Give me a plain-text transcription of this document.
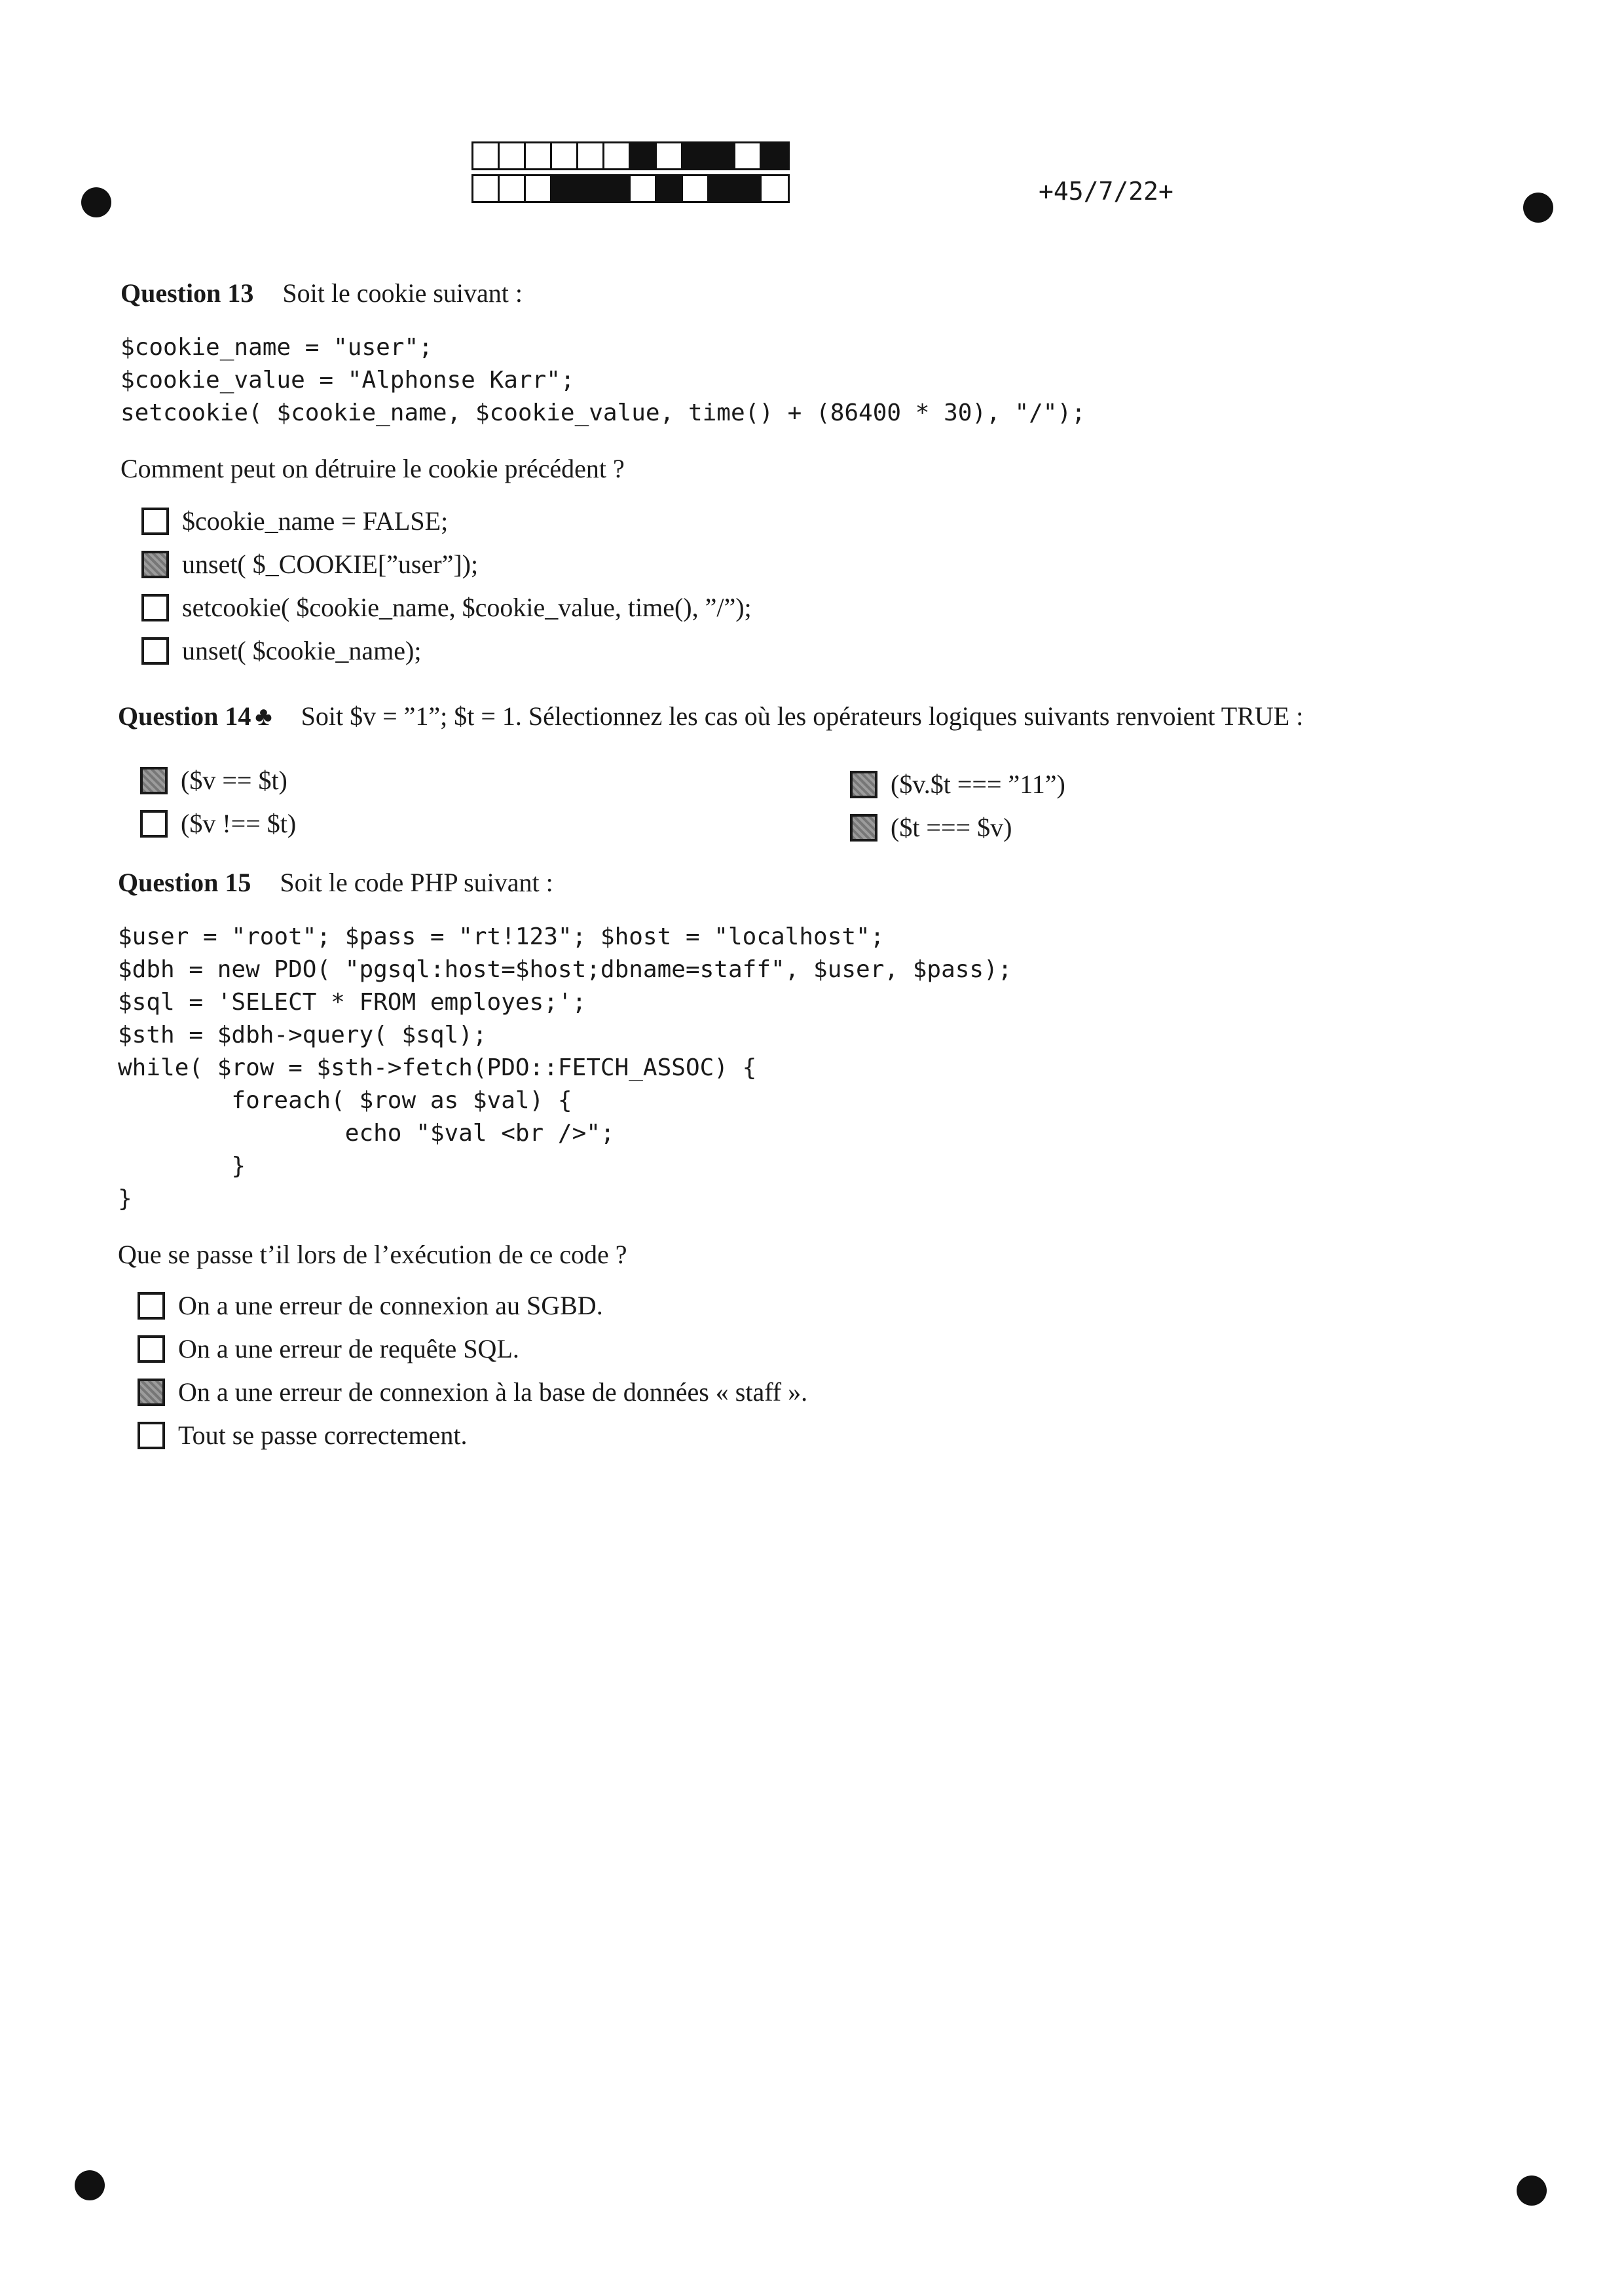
+45/7/22+
Question 13 Soit le cookie suivant :
$cookie_name = "user";
$cookie_value = "Alphonse Karr";
setcookie( $cookie_name, $cookie_value, time() + (86400 * 30), "/");
Comment peut on détruire le cookie précédent ?
$cookie_name = FALSE;
unset( $_COOKIE[”user”]);
setcookie( $cookie_name, $cookie_value, time(), ”/”);
unset( $cookie_name);
Question 14 ♣ Soit $v = ”1”; $t = 1. Sélectionnez les cas où les opérateurs logiques suivants renvoient TRUE :
($v == $t)
($v !== $t)
($v.$t === ”11”)
($t === $v)
Question 15 Soit le code PHP suivant :
$user = "root"; $pass = "rt!123"; $host = "localhost";
$dbh = new PDO( "pgsql:host=$host;dbname=staff", $user, $pass);
$sql = 'SELECT * FROM employes;';
$sth = $dbh->query( $sql);
while( $row = $sth->fetch(PDO::FETCH_ASSOC) {
foreach( $row as $val) {
echo "$val <br />";
}
}
Que se passe t’il lors de l’exécution de ce code ?
On a une erreur de connexion au SGBD.
On a une erreur de requête SQL.
On a une erreur de connexion à la base de données « staff ».
Tout se passe correctement.
